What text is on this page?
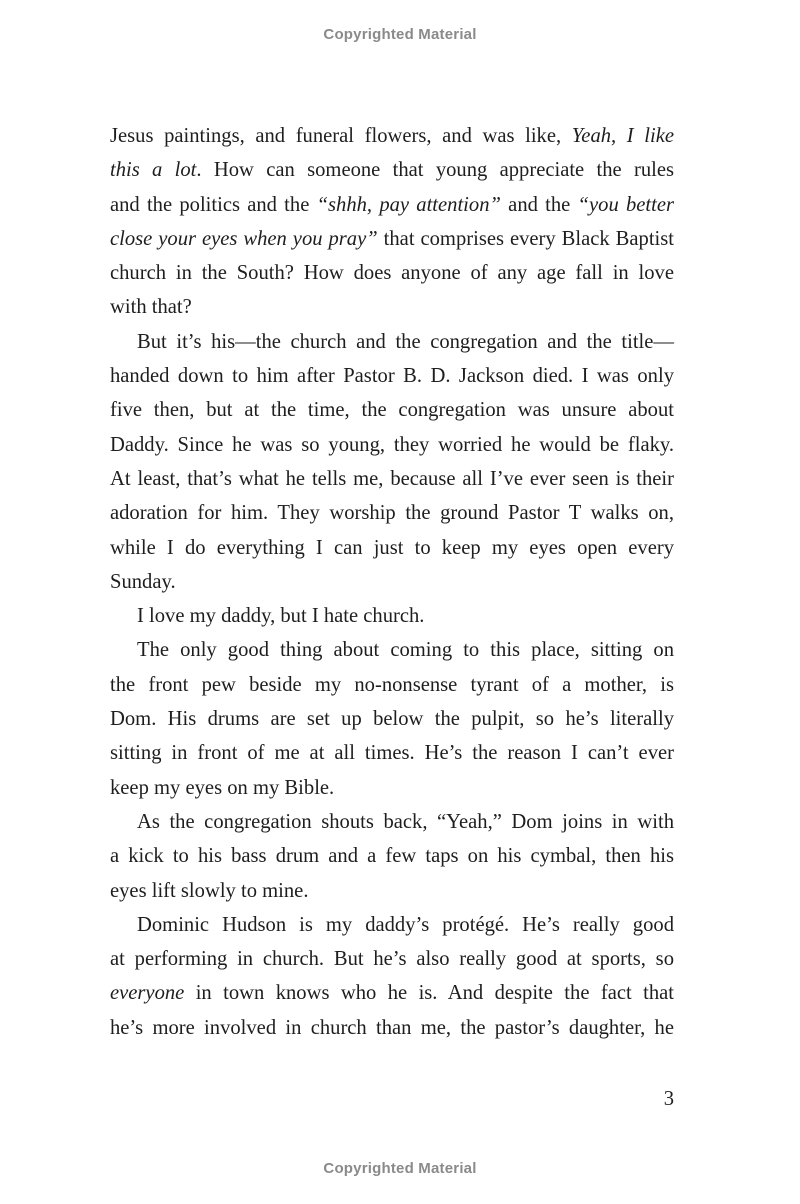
Copyrighted Material
Jesus paintings, and funeral flowers, and was like, Yeah, I like
this a lot. How can someone that young appreciate the rules
and the politics and the “shhh, pay attention” and the “you better
close your eyes when you pray” that comprises every Black Baptist
church in the South? How does anyone of any age fall in love
with that?
But it’s his—the church and the congregation and the title—
handed down to him after Pastor B. D. Jackson died. I was only
five then, but at the time, the congregation was unsure about
Daddy. Since he was so young, they worried he would be flaky.
At least, that’s what he tells me, because all I’ve ever seen is their
adoration for him. They worship the ground Pastor T walks on,
while I do everything I can just to keep my eyes open every
Sunday.
I love my daddy, but I hate church.
The only good thing about coming to this place, sitting on
the front pew beside my no-nonsense tyrant of a mother, is
Dom. His drums are set up below the pulpit, so he’s literally
sitting in front of me at all times. He’s the reason I can’t ever
keep my eyes on my Bible.
As the congregation shouts back, “Yeah,” Dom joins in with
a kick to his bass drum and a few taps on his cymbal, then his
eyes lift slowly to mine.
Dominic Hudson is my daddy’s protégé. He’s really good
at performing in church. But he’s also really good at sports, so
everyone in town knows who he is. And despite the fact that
he’s more involved in church than me, the pastor’s daughter, he
3
Copyrighted Material
